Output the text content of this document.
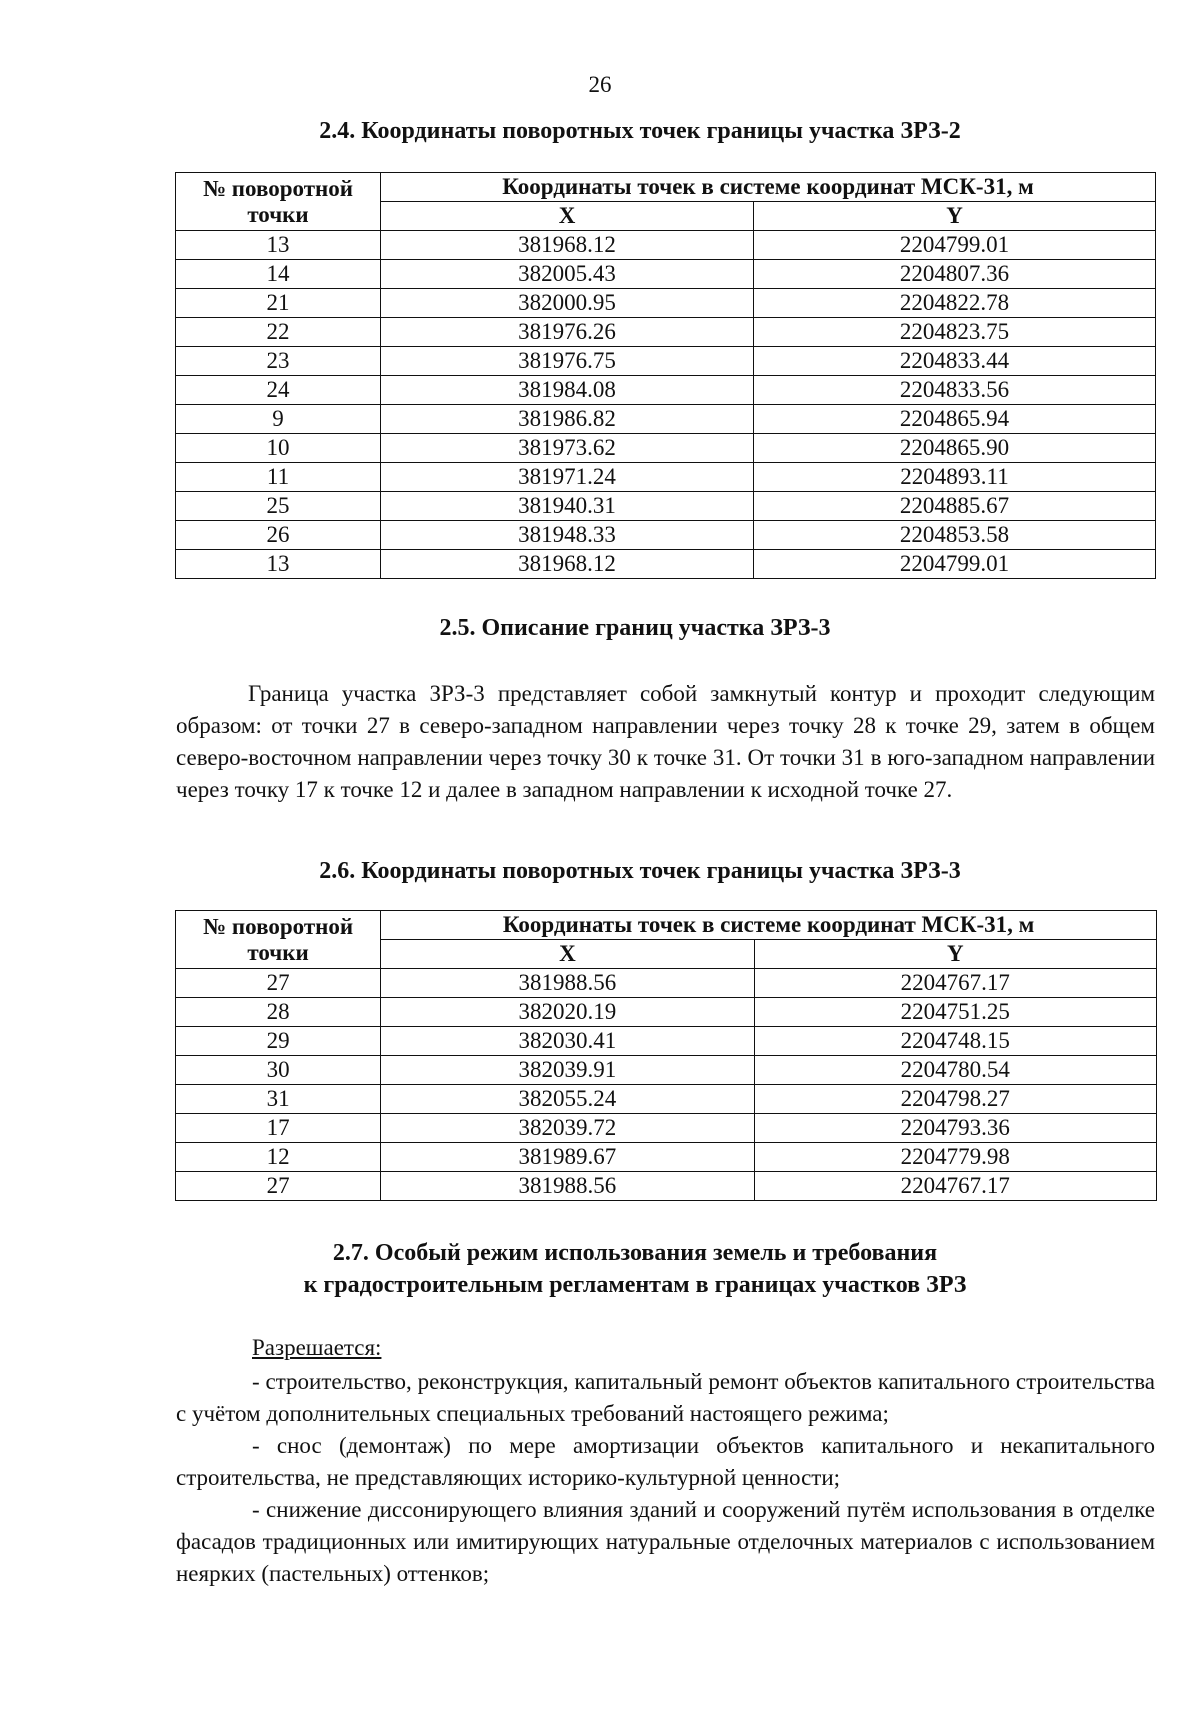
26
2.4. Координаты поворотных точек границы участка ЗРЗ-2
№ поворотной точки	Координаты точек в системе координат МСК-31, м	
	X	Y
13	381968.12	2204799.01
14	382005.43	2204807.36
21	382000.95	2204822.78
22	381976.26	2204823.75
23	381976.75	2204833.44
24	381984.08	2204833.56
9	381986.82	2204865.94
10	381973.62	2204865.90
11	381971.24	2204893.11
25	381940.31	2204885.67
26	381948.33	2204853.58
13	381968.12	2204799.01
2.5. Описание границ участка ЗРЗ-3

Граница участка ЗРЗ-3 представляет собой замкнутый контур и проходит следующим образом: от точки 27 в северо-западном направлении через точку 28 к точке 29, затем в общем северо-восточном направлении через точку 30 к точке 31. От точки 31 в юго-западном направлении через точку 17 к точке 12 и далее в западном направлении к исходной точке 27.

2.6. Координаты поворотных точек границы участка ЗРЗ-3
№ поворотной точки	Координаты точек в системе координат МСК-31, м	
	X	Y
27	381988.56	2204767.17
28	382020.19	2204751.25
29	382030.41	2204748.15
30	382039.91	2204780.54
31	382055.24	2204798.27
17	382039.72	2204793.36
12	381989.67	2204779.98
27	381988.56	2204767.17
2.7. Особый режим использования земель и требования
к градостроительным регламентам в границах участков ЗРЗ
Разрешается:

- строительство, реконструкция, капитальный ремонт объектов капитального строительства с учётом дополнительных специальных требований настоящего режима;

- снос (демонтаж) по мере амортизации объектов капитального и некапитального строительства, не представляющих историко-культурной ценности;

- снижение диссонирующего влияния зданий и сооружений путём использования в отделке фасадов традиционных или имитирующих натуральные отделочных материалов с использованием неярких (пастельных) оттенков;
